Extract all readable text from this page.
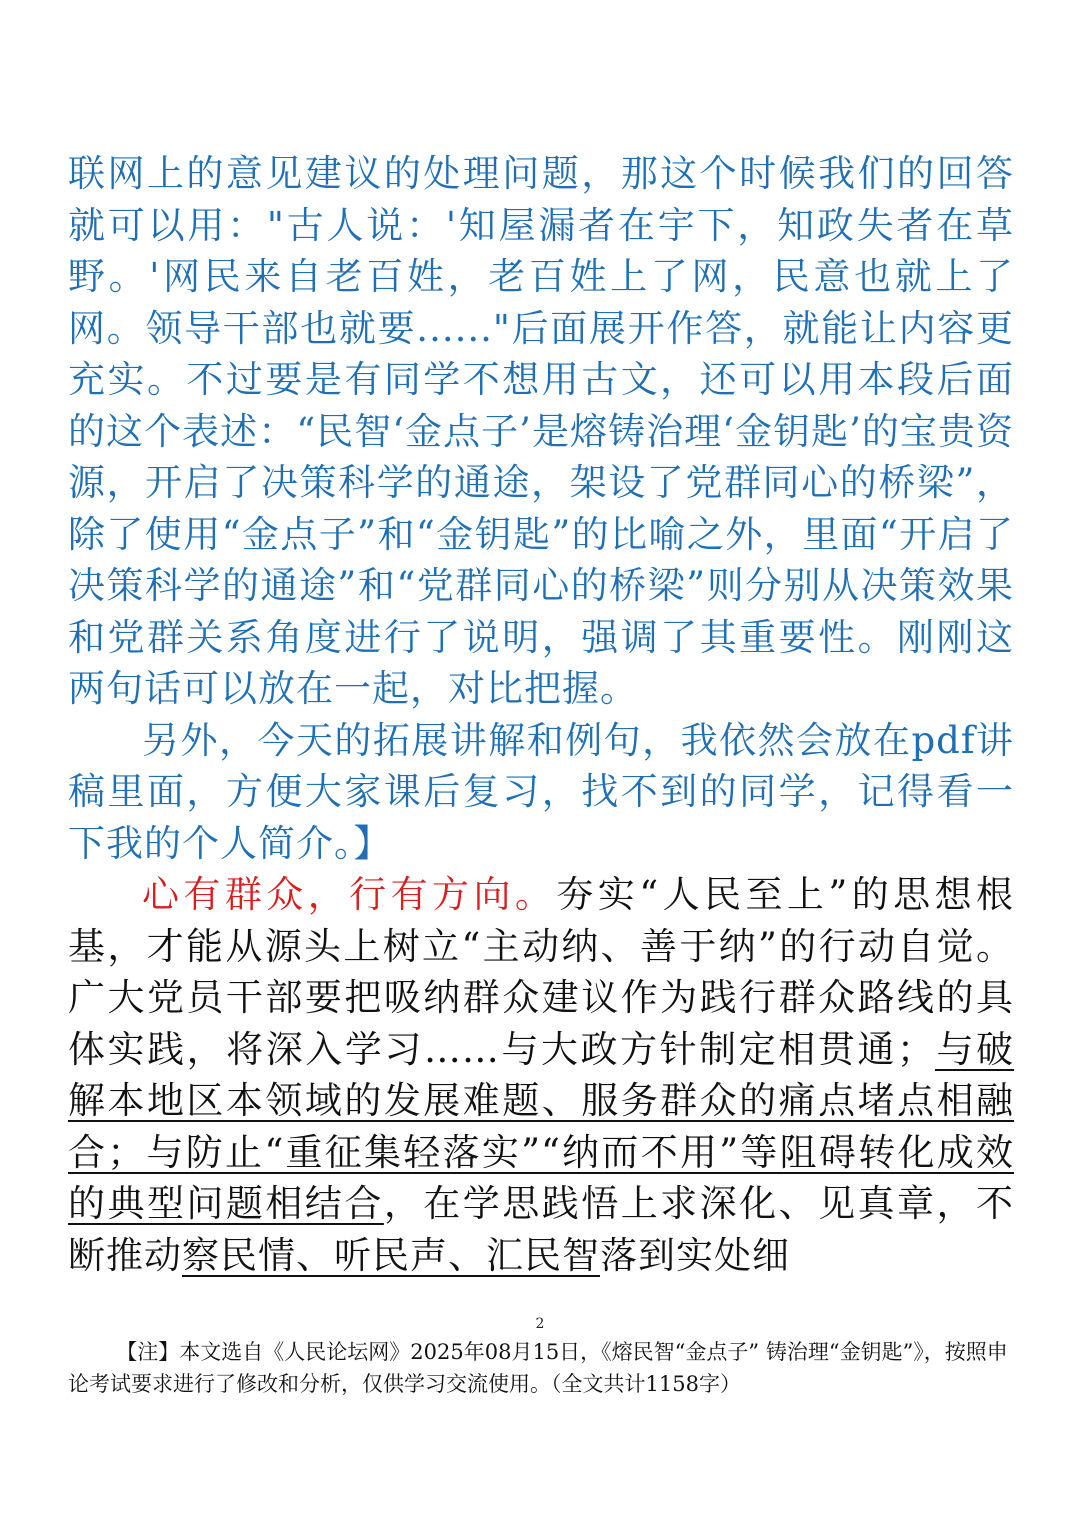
联网上的意见建议的处理问题，那这个时候我们的回答就可以用："古人说：'知屋漏者在宇下，知政失者在草野。'网民来自老百姓，老百姓上了网，民意也就上了网。领导干部也就要......"后面展开作答，就能让内容更充实。不过要是有同学不想用古文，还可以用本段后面的这个表述：“民智‘金点子’是熔铸治理‘金钥匙’的宝贵资源，开启了决策科学的通途，架设了党群同心的桥梁”，除了使用“金点子”和“金钥匙”的比喻之外，里面“开启了决策科学的通途”和“党群同心的桥梁”则分别从决策效果和党群关系角度进行了说明，强调了其重要性。刚刚这两句话可以放在一起，对比把握。

另外，今天的拓展讲解和例句，我依然会放在pdf讲稿里面，方便大家课后复习，找不到的同学，记得看一下我的个人简介。】

心有群众，行有方向。夯实“人民至上”的思想根基，才能从源头上树立“主动纳、善于纳”的行动自觉。广大党员干部要把吸纳群众建议作为践行群众路线的具体实践，将深入学习……与大政方针制定相贯通；与破解本地区本领域的发展难题、服务群众的痛点堵点相融合；与防止“重征集轻落实”“纳而不用”等阻碍转化成效的典型问题相结合，在学思践悟上求深化、见真章，不断推动察民情、听民声、汇民智落到实处细

2
【注】本文选自《人民论坛网》2025年08月15日，《熔民智“金点子” 铸治理“金钥匙”》，按照申论考试要求进行了修改和分析，仅供学习交流使用。（全文共计1158字）
